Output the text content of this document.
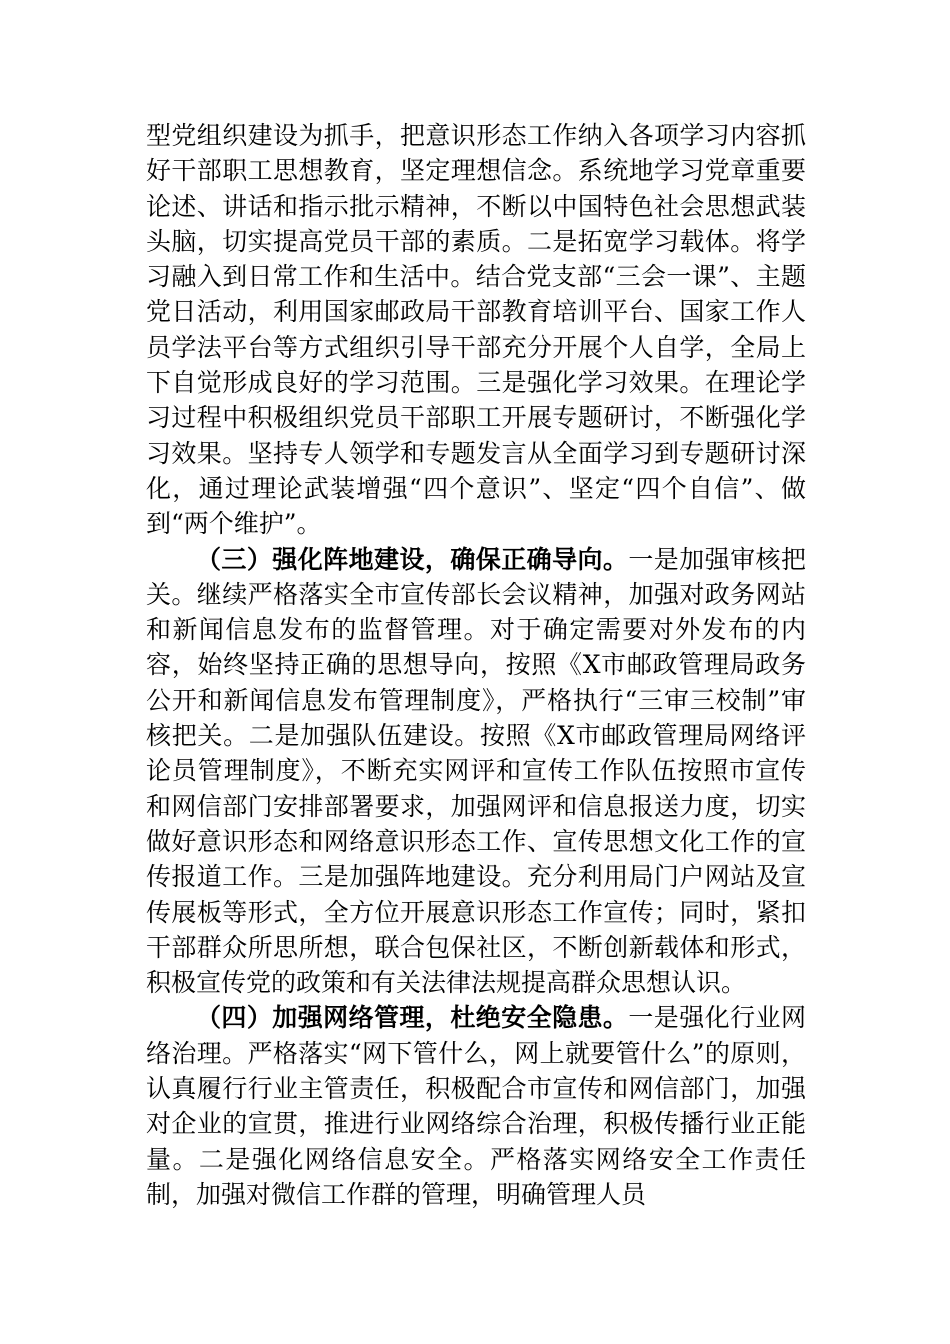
型党组织建设为抓手，把意识形态工作纳入各项学习内容抓好干部职工思想教育，坚定理想信念。系统地学习党章重要论述、讲话和指示批示精神，不断以中国特色社会思想武装头脑，切实提高党员干部的素质。二是拓宽学习载体。将学习融入到日常工作和生活中。结合党支部“三会一课”、主题党日活动，利用国家邮政局干部教育培训平台、国家工作人员学法平台等方式组织引导干部充分开展个人自学，全局上下自觉形成良好的学习范围。三是强化学习效果。在理论学习过程中积极组织党员干部职工开展专题研讨，不断强化学习效果。坚持专人领学和专题发言从全面学习到专题研讨深化，通过理论武装增强“四个意识”、坚定“四个自信”、做到“两个维护”。

（三）强化阵地建设，确保正确导向。一是加强审核把关。继续严格落实全市宣传部长会议精神，加强对政务网站和新闻信息发布的监督管理。对于确定需要对外发布的内容，始终坚持正确的思想导向，按照《X市邮政管理局政务公开和新闻信息发布管理制度》，严格执行“三审三校制”审核把关。二是加强队伍建设。按照《X市邮政管理局网络评论员管理制度》，不断充实网评和宣传工作队伍按照市宣传和网信部门安排部署要求，加强网评和信息报送力度，切实做好意识形态和网络意识形态工作、宣传思想文化工作的宣传报道工作。三是加强阵地建设。充分利用局门户网站及宣传展板等形式，全方位开展意识形态工作宣传；同时，紧扣干部群众所思所想，联合包保社区，不断创新载体和形式，积极宣传党的政策和有关法律法规提高群众思想认识。

（四）加强网络管理，杜绝安全隐患。一是强化行业网络治理。严格落实“网下管什么，网上就要管什么”的原则，认真履行行业主管责任，积极配合市宣传和网信部门，加强对企业的宣贯，推进行业网络综合治理，积极传播行业正能量。二是强化网络信息安全。严格落实网络安全工作责任制，加强对微信工作群的管理，明确管理人员
